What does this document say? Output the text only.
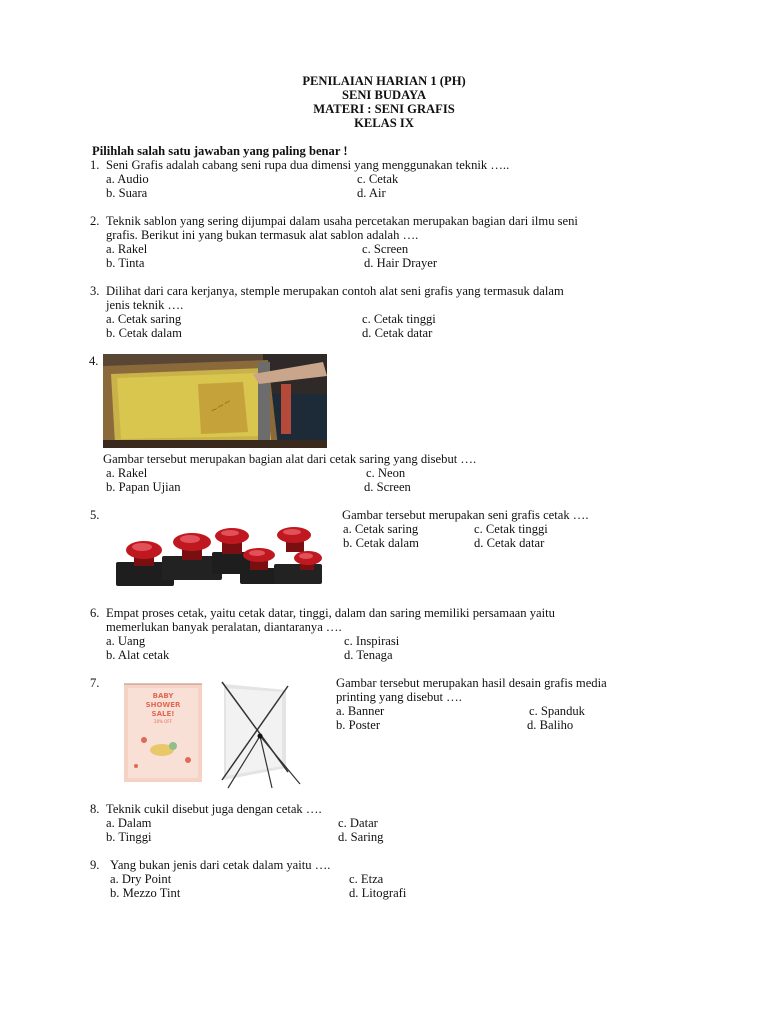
PENILAIAN HARIAN 1 (PH)
SENI BUDAYA
MATERI : SENI GRAFIS
KELAS IX
Pilihlah salah satu jawaban yang paling benar !
1. Seni Grafis adalah cabang seni rupa dua dimensi yang menggunakan teknik …..
a. Audio	c. Cetak
b. Suara	d. Air
2. Teknik sablon yang sering dijumpai dalam usaha percetakan merupakan bagian dari ilmu seni
grafis. Berikut ini yang bukan termasuk alat sablon adalah ….
a. Rakel	c. Screen
b. Tinta	d. Hair Drayer
3. Dilihat dari cara kerjanya, stemple merupakan contoh alat seni grafis yang termasuk dalam
jenis teknik ….
a. Cetak saring	c. Cetak tinggi
b. Cetak dalam	d. Cetak datar
4.
~~~
Gambar tersebut merupakan bagian alat dari cetak saring yang disebut ….
a. Rakel	c. Neon
b. Papan Ujian	d. Screen
5.	Gambar tersebut merupakan seni grafis cetak ….
a. Cetak saring	c. Cetak tinggi
b. Cetak dalam	d. Cetak datar
6. Empat proses cetak, yaitu cetak datar, tinggi, dalam dan saring memiliki persamaan yaitu
memerlukan banyak peralatan, diantaranya ….
a. Uang	c. Inspirasi
b. Alat cetak	d. Tenaga
7.
BABY
SHOWER
SALE!
20% OFF
Gambar tersebut merupakan hasil desain grafis media
printing yang disebut ….
a. Banner	c. Spanduk
b. Poster	d. Baliho
8. Teknik cukil disebut juga dengan cetak ….
a. Dalam	c. Datar
b. Tinggi	d. Saring
9. Yang bukan jenis dari cetak dalam yaitu ….
a. Dry Point	c. Etza
b. Mezzo Tint	d. Litografi
